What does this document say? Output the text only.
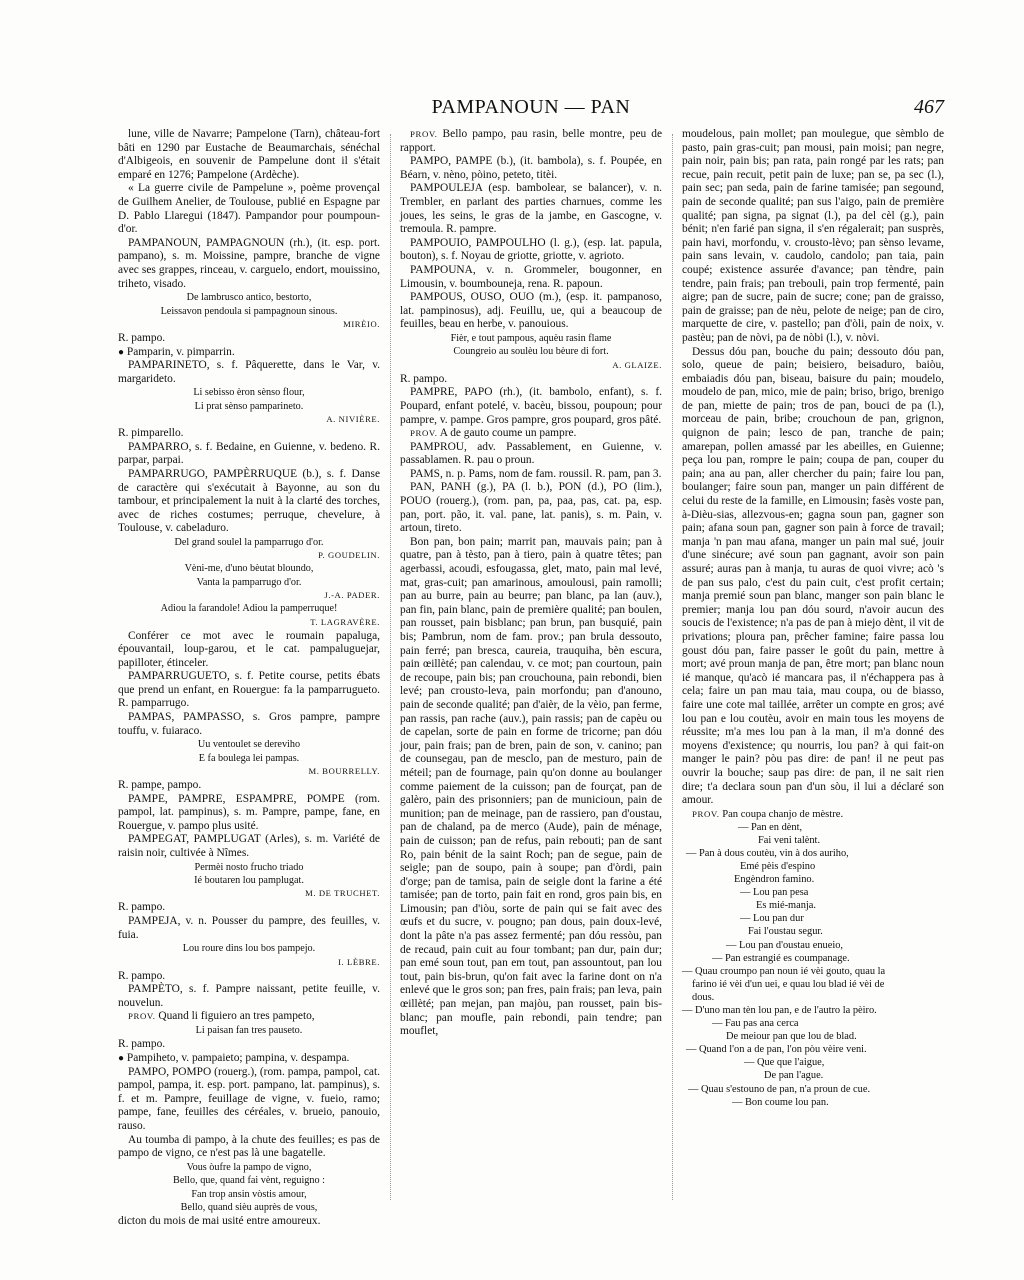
PAMPANOUN — PAN	467

lune, ville de Navarre; Pampelone (Tarn), château-fort bâti en 1290 par Eustache de Beaumarchais, sénéchal d'Albigeois, en souvenir de Pampelune dont il s'était emparé en 1276; Pampelone (Ardèche).

« La guerre civile de Pampelune », poème provençal de Guilhem Anelier, de Toulouse, publié en Espagne par D. Pablo Llaregui (1847). Pampandor pour poumpoun-d'or.

PAMPANOUN, PAMPAGNOUN (rh.), (it. esp. port. pampano), s. m. Moissine, pampre, branche de vigne avec ses grappes, rinceau, v. carguelo, endort, mouissino, triheto, visado.

De lambrusco antico, bestorto,

Leissavon pendoula si pampagnoun sinous.

MIRÈIO.

R. pampo.

● Pamparin, v. pimparrin.

PAMPARINETO, s. f. Pâquerette, dans le Var, v. margarideto.

Li sebisso èron sènso flour,

Li prat sènso pamparineto.

A. NIVIÈRE.

R. pimparello.

PAMPARRO, s. f. Bedaine, en Guienne, v. bedeno. R. parpar, parpai.

PAMPARRUGO, PAMPÈRRUQUE (b.), s. f. Danse de caractère qui s'exécutait à Bayonne, au son du tambour, et principalement la nuit à la clarté des torches, avec de riches costumes; perruque, chevelure, à Toulouse, v. cabeladuro.

Del grand soulel la pamparrugo d'or.

P. GOUDELIN.

Vèni-me, d'uno bèutat bloundo,

Vanta la pamparrugo d'or.

J.-A. PADER.

Adiou la farandole! Adiou la pamperruque!

T. LAGRAVÈRE.

Conférer ce mot avec le roumain papaluga, épouvantail, loup-garou, et le cat. pampaluguejar, papilloter, étinceler.

PAMPARRUGUETO, s. f. Petite course, petits ébats que prend un enfant, en Rouergue: fa la pamparrugueto. R. pamparrugo.

PAMPAS, PAMPASSO, s. Gros pampre, pampre touffu, v. fuiaraco.

Uu ventoulet se dereviho

E fa boulega lei pampas.

M. BOURRELLY.

R. pampe, pampo.

PAMPE, PAMPRE, ESPAMPRE, POMPE (rom. pampol, lat. pampinus), s. m. Pampre, pampe, fane, en Rouergue, v. pampo plus usité.

PAMPEGAT, PAMPLUGAT (Arles), s. m. Variété de raisin noir, cultivée à Nîmes.

Permèi nosto frucho triado

Ié boutaren lou pamplugat.

M. DE TRUCHET.

R. pampo.

PAMPEJA, v. n. Pousser du pampre, des feuilles, v. fuia.

Lou roure dins lou bos pampejo.

I. LÈBRE.

R. pampo.

PAMPÈTO, s. f. Pampre naissant, petite feuille, v. nouvelun.

PROV. Quand li figuiero an tres pampeto,

Li paisan fan tres pauseto.

R. pampo.

● Pampiheto, v. pampaieto; pampina, v. despampa.

PAMPO, POMPO (rouerg.), (rom. pampa, pampol, cat. pampol, pampa, it. esp. port. pampano, lat. pampinus), s. f. et m. Pampre, feuillage de vigne, v. fueio, ramo; pampe, fane, feuilles des céréales, v. brueio, panouio, rauso.

Au toumba di pampo, à la chute des feuilles; es pas de pampo de vigno, ce n'est pas là une bagatelle.

Vous òufre la pampo de vigno,

Bello, que, quand fai vènt, reguigno :

Fan trop ansin vòstis amour,

Bello, quand sièu auprès de vous,

dicton du mois de mai usité entre amoureux.

PROV. Bello pampo, pau rasin, belle montre, peu de rapport.

PAMPO, PAMPE (b.), (it. bambola), s. f. Poupée, en Béarn, v. nèno, pòino, peteto, titèi.

PAMPOULEJA (esp. bambolear, se balancer), v. n. Trembler, en parlant des parties charnues, comme les joues, les seins, le gras de la jambe, en Gascogne, v. tremoula. R. pampre.

PAMPOUIO, PAMPOULHO (l. g.), (esp. lat. papula, bouton), s. f. Noyau de griotte, griotte, v. agrioto.

PAMPOUNA, v. n. Grommeler, bougonner, en Limousin, v. boumbouneja, rena. R. papoun.

PAMPOUS, OUSO, OUO (m.), (esp. it. pampanoso, lat. pampinosus), adj. Feuillu, ue, qui a beaucoup de feuilles, beau en herbe, v. panouious.

Fièr, e tout pampous, aquèu rasin flame

Coungreio au soulèu lou bèure di fort.

A. GLAIZE.

R. pampo.

PAMPRE, PAPO (rh.), (it. bambolo, enfant), s. f. Poupard, enfant potelé, v. bacèu, bissou, poupoun; pour pampre, v. pampe. Gros pampre, gros poupard, gros pâté.

PROV. A de gauto coume un pampre.

PAMPROU, adv. Passablement, en Guienne, v. passablamen. R. pau o proun.

PAMS, n. p. Pams, nom de fam. roussil. R. pam, pan 3.

PAN, PANH (g.), PA (l. b.), PON (d.), PO (lim.), POUO (rouerg.), (rom. pan, pa, paa, pas, cat. pa, esp. pan, port. pão, it. val. pane, lat. panis), s. m. Pain, v. artoun, tireto.

Bon pan, bon pain; marrit pan, mauvais pain; pan à quatre, pan à tèsto, pan à tiero, pain à quatre têtes; pan agerbassi, acoudi, esfougassa, glet, mato, pain mal levé, mat, gras-cuit; pan amarinous, amoulousi, pain ramolli; pan au burre, pain au beurre; pan blanc, pa lan (auv.), pan fin, pain blanc, pain de première qualité; pan boulen, pan rousset, pain bisblanc; pan brun, pan busquié, pain bis; Pambrun, nom de fam. prov.; pan brula dessouto, pain ferré; pan bresca, caureia, trauquiha, bèn escura, pain œillèté; pan calendau, v. ce mot; pan courtoun, pain de recoupe, pain bis; pan crouchouna, pain rebondi, bien levé; pan crousto-leva, pain morfondu; pan d'anouno, pain de seconde qualité; pan d'aièr, de la vèio, pan ferme, pan rassis, pan rache (auv.), pain rassis; pan de capèu ou de capelan, sorte de pain en forme de tricorne; pan dóu jour, pain frais; pan de bren, pain de son, v. canino; pan de counsegau, pan de mesclo, pan de mesturo, pain de méteil; pan de fournage, pain qu'on donne au boulanger comme paiement de la cuisson; pan de fourçat, pan de galèro, pain des prisonniers; pan de municioun, pain de munition; pan de meinage, pan de rassiero, pan d'oustau, pan de chaland, pa de merco (Aude), pain de ménage, pain de cuisson; pan de refus, pain rebouti; pan de sant Ro, pain bénit de la saint Roch; pan de segue, pain de seigle; pan de soupo, pain à soupe; pan d'òrdi, pain d'orge; pan de tamisa, pain de seigle dont la farine a été tamisée; pan de torto, pain fait en rond, gros pain bis, en Limousin; pan d'iòu, sorte de pain qui se fait avec des œufs et du sucre, v. pougno; pan dous, pain doux-levé, dont la pâte n'a pas assez fermenté; pan dóu ressòu, pan de recaud, pain cuit au four tombant; pan dur, pain dur; pan emé soun tout, pan em tout, pan assountout, pan lou tout, pain bis-brun, qu'on fait avec la farine dont on n'a enlevé que le gros son; pan fres, pain frais; pan leva, pain œillèté; pan mejan, pan majòu, pan rousset, pain bis-blanc; pan moufle, pain rebondi, pain tendre; pan mouflet,

moudelous, pain mollet; pan moulegue, que sèmblo de pasto, pain gras-cuit; pan mousi, pain moisi; pan negre, pain noir, pain bis; pan rata, pain rongé par les rats; pan recue, pain recuit, petit pain de luxe; pan se, pa sec (l.), pain sec; pan seda, pain de farine tamisée; pan segound, pain de seconde qualité; pan sus l'aigo, pain de première qualité; pan signa, pa signat (l.), pa del cèl (g.), pain bénit; n'en farié pan signa, il s'en régalerait; pan susprès, pain havi, morfondu, v. crousto-lèvo; pan sènso levame, pain sans levain, v. caudolo, candolo; pan taia, pain coupé; existence assurée d'avance; pan tèndre, pain tendre, pain frais; pan trebouli, pain trop fermenté, pain aigre; pan de sucre, pain de sucre; cone; pan de graisso, pain de graisse; pan de nèu, pelote de neige; pan de ciro, marquette de cire, v. pastello; pan d'òli, pain de noix, v. pastèu; pan de nòvi, pa de nòbi (l.), v. nòvi.

Dessus dóu pan, bouche du pain; dessouto dóu pan, solo, queue de pain; beisiero, beisaduro, baiòu, embaiadis dóu pan, biseau, baisure du pain; moudelo, moudelo de pan, mico, mie de pain; briso, brigo, brenigo de pan, miette de pain; tros de pan, bouci de pa (l.), morceau de pain, bribe; crouchoun de pan, grignon, quignon de pain; lesco de pan, tranche de pain; amarepan, pollen amassé par les abeilles, en Guienne; peça lou pan, rompre le pain; coupa de pan, couper du pain; ana au pan, aller chercher du pain; faire lou pan, boulanger; faire soun pan, manger un pain différent de celui du reste de la famille, en Limousin; fasès voste pan, à-Dièu-sias, allezvous-en; gagna soun pan, gagner son pain; afana soun pan, gagner son pain à force de travail; manja 'n pan mau afana, manger un pain mal sué, jouir d'une sinécure; avé soun pan gagnant, avoir son pain assuré; auras pan à manja, tu auras de quoi vivre; acò 's de pan sus palo, c'est du pain cuit, c'est profit certain; manja premié soun pan blanc, manger son pain blanc le premier; manja lou pan dóu sourd, n'avoir aucun des soucis de l'existence; n'a pas de pan à miejo dènt, il vit de privations; ploura pan, prêcher famine; faire passa lou goust dóu pan, faire passer le goût du pain, mettre à mort; avé proun manja de pan, être mort; pan blanc noun ié manque, qu'acò ié mancara pas, il n'échappera pas à cela; faire un pan mau taia, mau coupa, ou de biasso, faire une cote mal taillée, arrêter un compte en gros; avé lou pan e lou coutèu, avoir en main tous les moyens de réussite; m'a mes lou pan à la man, il m'a donné des moyens d'existence; qu nourris, lou pan? à qui fait-on manger le pain? pòu pas dire: de pan! il ne peut pas ouvrir la bouche; saup pas dire: de pan, il ne sait rien dire; t'a declara soun pan d'un sòu, il lui a déclaré son amour.

PROV. Pan coupa chanjo de mèstre.

— Pan en dènt,
Fai veni talènt.
— Pan à dous coutèu, vin à dos auriho,
Emé pèis d'espino
Engèndron famino.
— Lou pan pesa
Es mié-manja.
— Lou pan dur
Fai l'oustau segur.
— Lou pan d'oustau enueio,
— Pan estrangié es coumpanage.
— Quau croumpo pan noun ié vèi gouto, quau la
farino ié vèi d'un uei, e quau lou blad ié vèi de
dous.
— D'uno man tèn lou pan, e de l'autro la pèiro.
— Fau pas ana cerca
De meiour pan que lou de blad.
— Quand l'on a de pan, l'on pòu vèire veni.
— Que que l'aigue,
De pan l'ague.
— Quau s'estouno de pan, n'a proun de cue.
— Bon coume lou pan.
